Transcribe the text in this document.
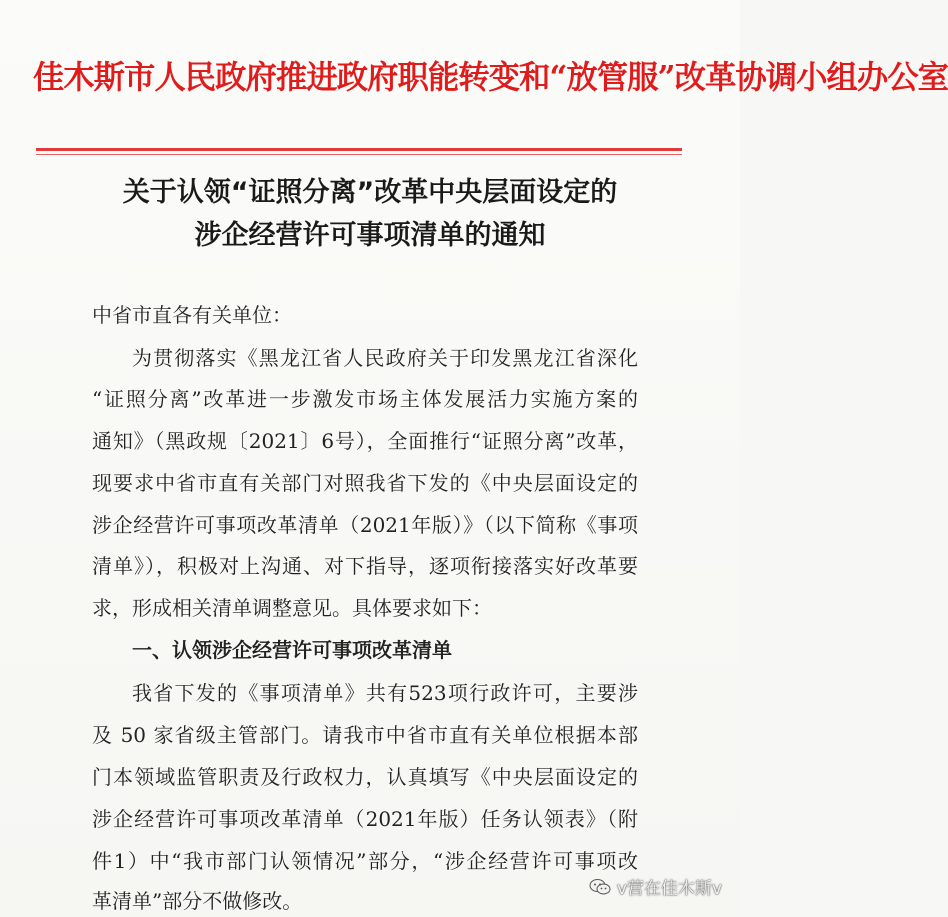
佳木斯市人民政府推进政府职能转变和“放管服”改革协调小组办公室
关于认领“证照分离”改革中央层面设定的
涉企经营许可事项清单的通知
中省市直各有关单位：
为贯彻落实《黑龙江省人民政府关于印发黑龙江省深化
“证照分离”改革进一步激发市场主体发展活力实施方案的
通知》（黑政规〔2021〕6号），全面推行“证照分离”改革，
现要求中省市直有关部门对照我省下发的《中央层面设定的
涉企经营许可事项改革清单（2021年版）》（以下简称《事项
清单》），积极对上沟通、对下指导，逐项衔接落实好改革要
求，形成相关清单调整意见。具体要求如下：
一、认领涉企经营许可事项改革清单
我省下发的《事项清单》共有523项行政许可，主要涉
及 50 家省级主管部门。请我市中省市直有关单位根据本部
门本领域监管职责及行政权力，认真填写《中央层面设定的
涉企经营许可事项改革清单（2021年版）任务认领表》（附
件1）中“我市部门认领情况”部分，“涉企经营许可事项改
革清单”部分不做修改。	v营在佳木斯v
